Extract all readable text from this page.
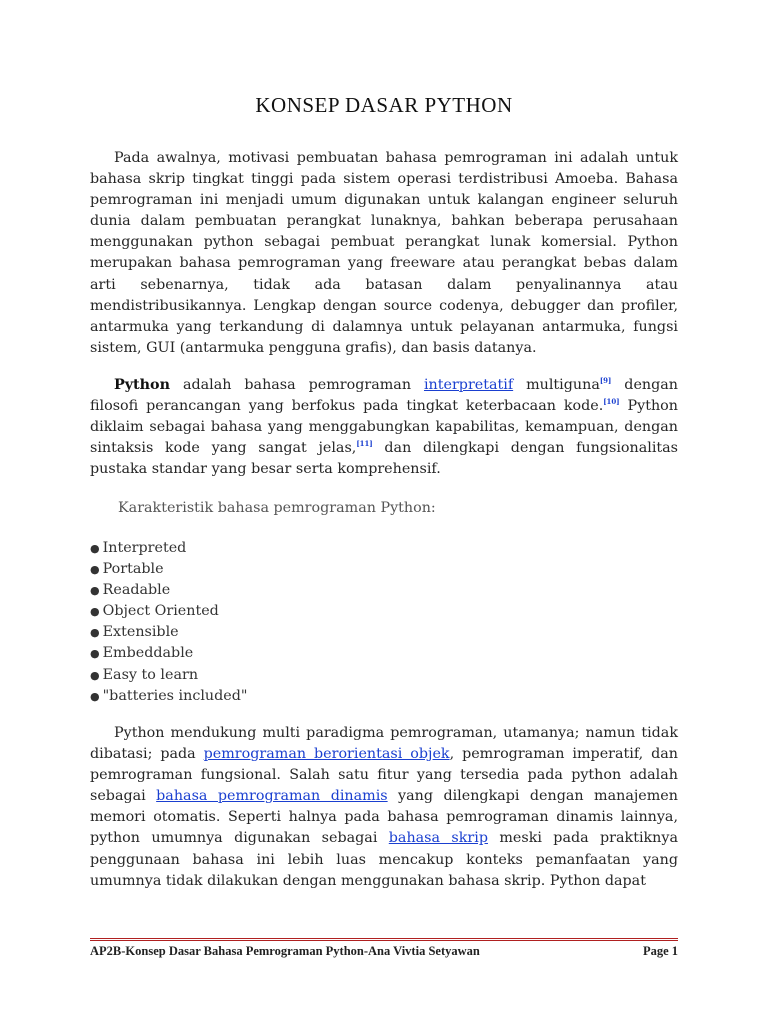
KONSEP DASAR PYTHON

Pada awalnya, motivasi pembuatan bahasa pemrograman ini adalah untuk bahasa skrip tingkat tinggi pada sistem operasi terdistribusi Amoeba. Bahasa pemrograman ini menjadi umum digunakan untuk kalangan engineer seluruh dunia dalam pembuatan perangkat lunaknya, bahkan beberapa perusahaan menggunakan python sebagai pembuat perangkat lunak komersial. Python merupakan bahasa pemrograman yang freeware atau perangkat bebas dalam arti sebenarnya, tidak ada batasan dalam penyalinannya atau mendistribusikannya. Lengkap dengan source codenya, debugger dan profiler, antarmuka yang terkandung di dalamnya untuk pelayanan antarmuka, fungsi sistem, GUI (antarmuka pengguna grafis), dan basis datanya.

Python adalah bahasa pemrograman interpretatif multiguna[9] dengan filosofi perancangan yang berfokus pada tingkat keterbacaan kode.[10] Python diklaim sebagai bahasa yang menggabungkan kapabilitas, kemampuan, dengan sintaksis kode yang sangat jelas,[11] dan dilengkapi dengan fungsionalitas pustaka standar yang besar serta komprehensif.

Karakteristik bahasa pemrograman Python:

● Interpreted
● Portable
● Readable
● Object Oriented
● Extensible
● Embeddable
● Easy to learn
● "batteries included"

Python mendukung multi paradigma pemrograman, utamanya; namun tidak dibatasi; pada pemrograman berorientasi objek, pemrograman imperatif, dan pemrograman fungsional. Salah satu fitur yang tersedia pada python adalah sebagai bahasa pemrograman dinamis yang dilengkapi dengan manajemen memori otomatis. Seperti halnya pada bahasa pemrograman dinamis lainnya, python umumnya digunakan sebagai bahasa skrip meski pada praktiknya penggunaan bahasa ini lebih luas mencakup konteks pemanfaatan yang umumnya tidak dilakukan dengan menggunakan bahasa skrip. Python dapat

AP2B-Konsep Dasar Bahasa Pemrograman Python-Ana Vivtia Setyawan	Page 1
